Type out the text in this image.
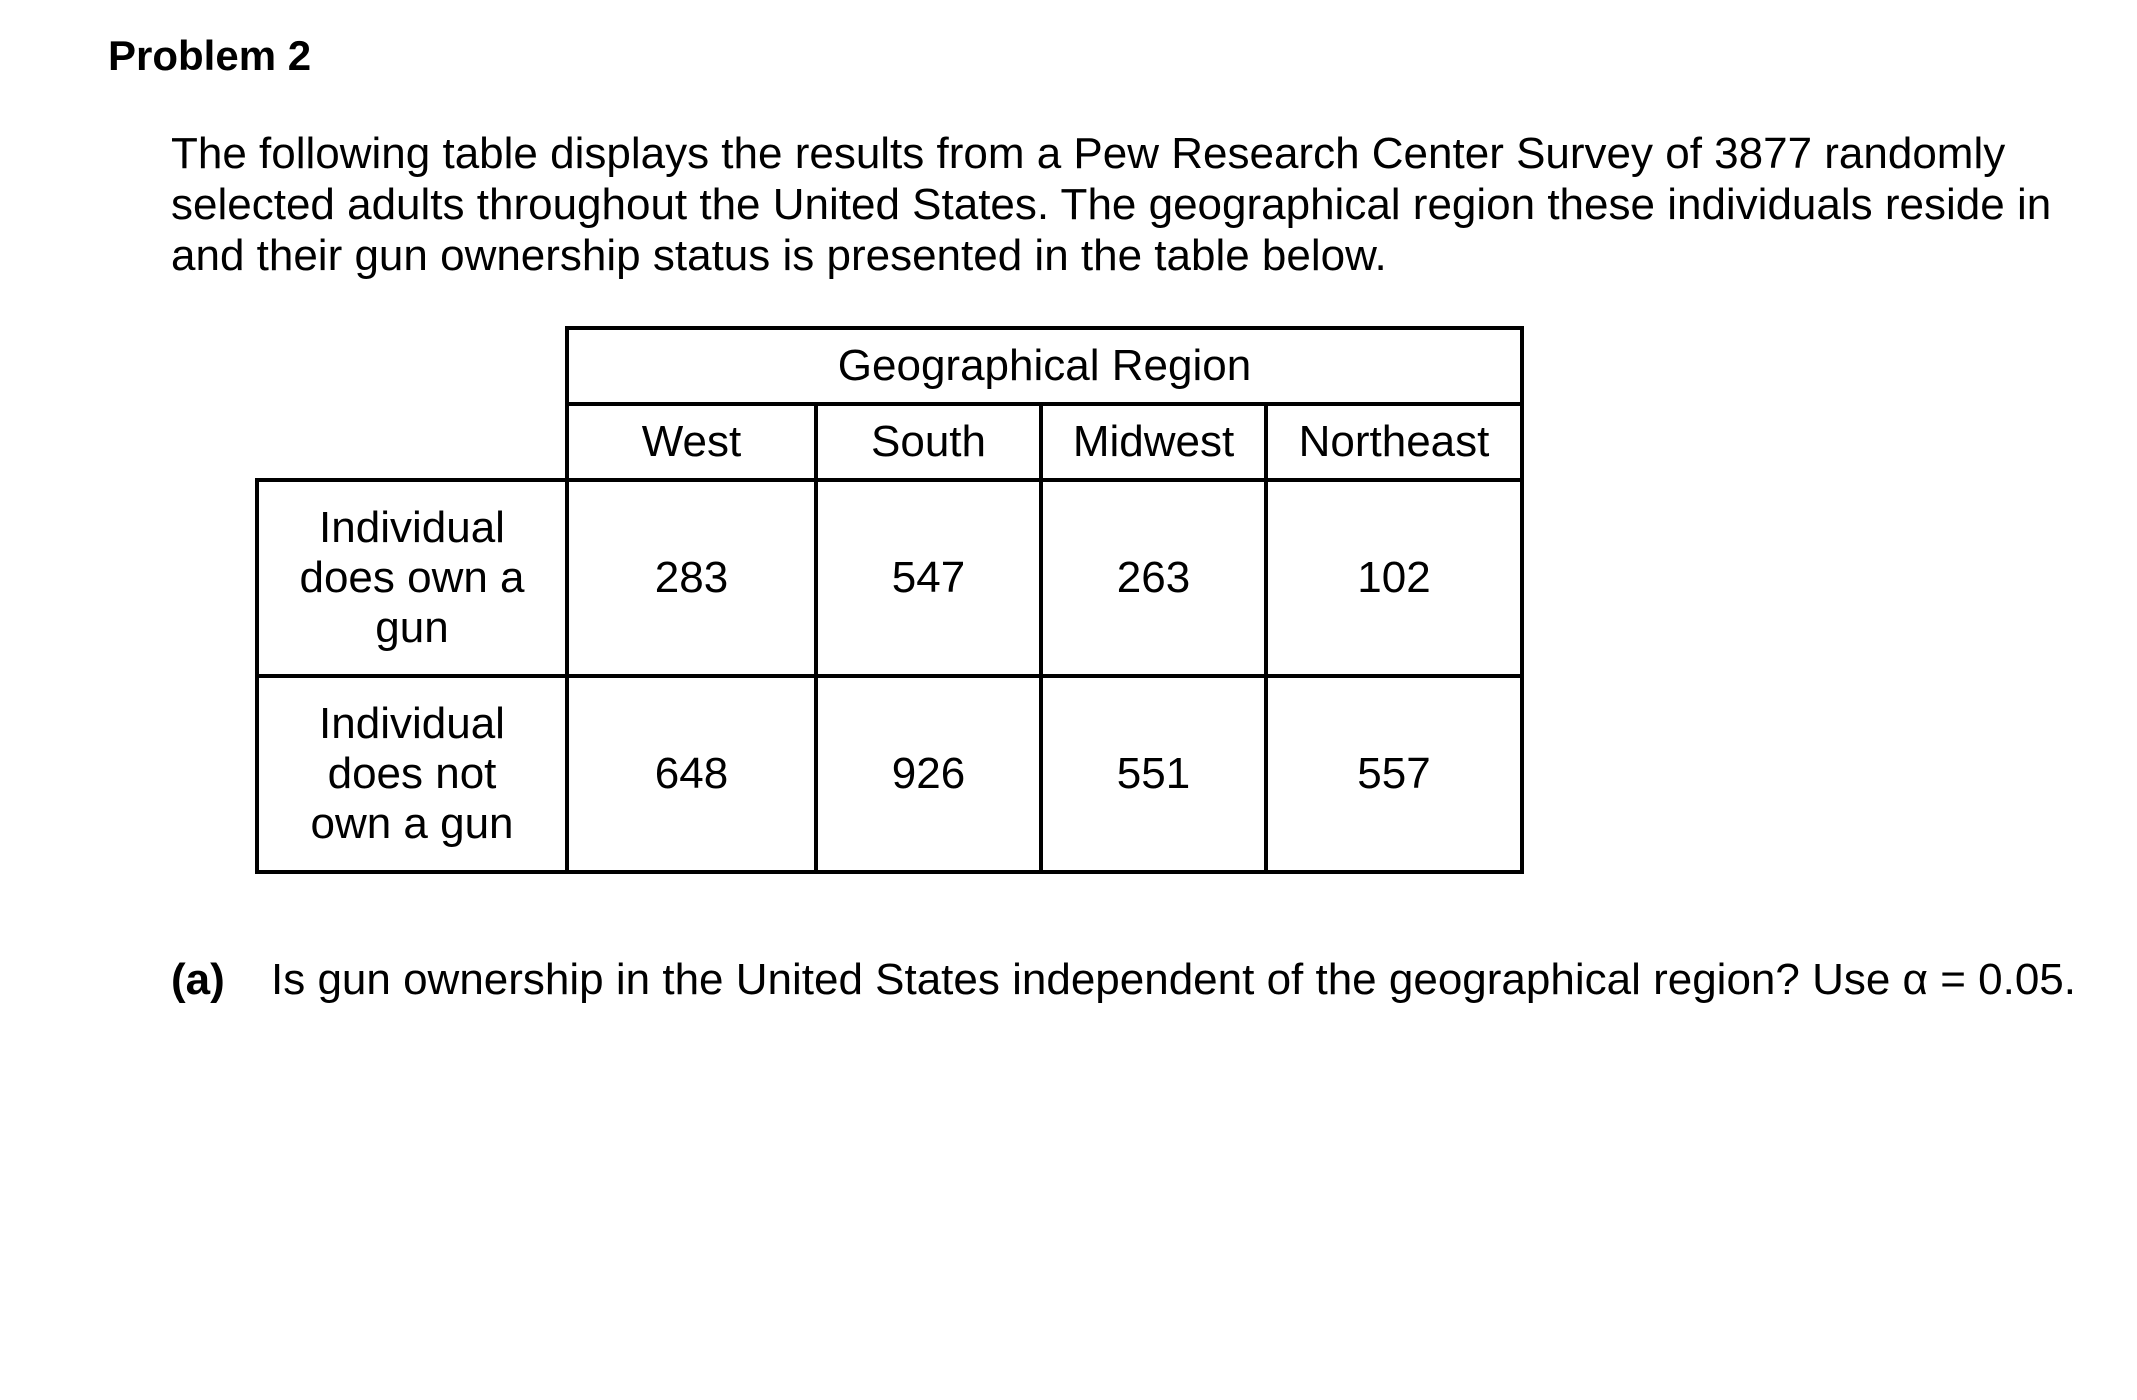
Problem 2

The following table displays the results from a Pew Research Center Survey of 3877 randomly
selected adults throughout the United States. The geographical region these individuals reside in
and their gun ownership status is presented in the table below.

	Geographical Region			
	West	South	Midwest	Northeast

Individual
does own a
gun	283	547	263	102

Individual
does not
own a gun	648	926	551	557
(a) Is gun ownership in the United States independent of the geographical region? Use α = 0.05.
